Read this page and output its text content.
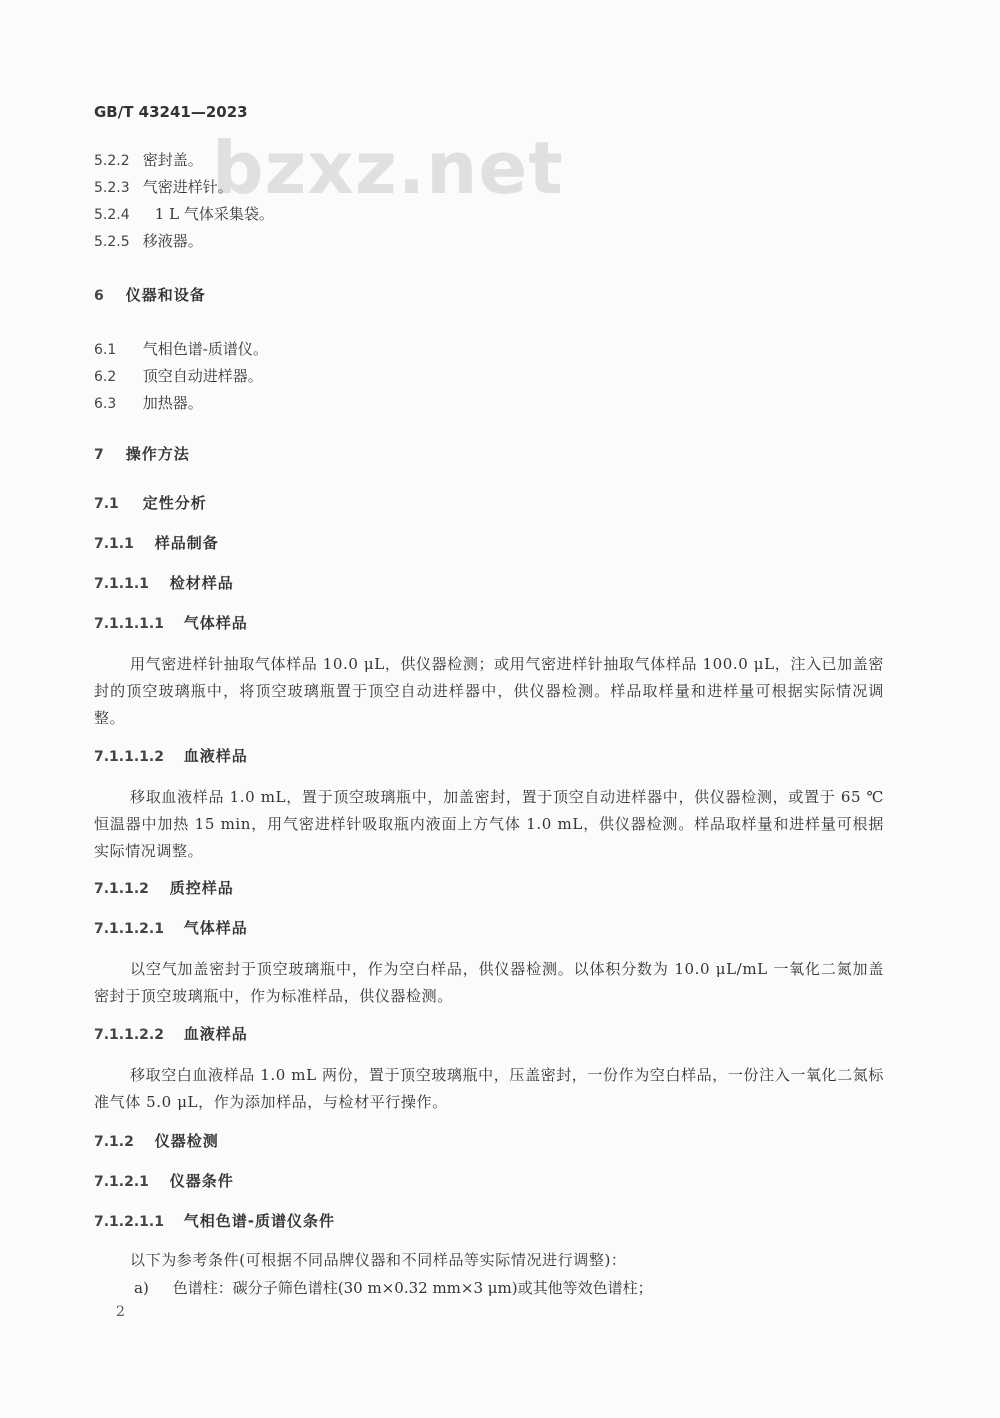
bzxz.net
GB/T 43241—2023
5.2.2 密封盖。
5.2.3 气密进样针。
5.2.4 1 L 气体采集袋。
5.2.5 移液器。
6 仪器和设备
6.1 气相色谱-质谱仪。
6.2 顶空自动进样器。
6.3 加热器。
7 操作方法
7.1 定性分析
7.1.1 样品制备
7.1.1.1 检材样品
7.1.1.1.1 气体样品
用气密进样针抽取气体样品 10.0 μL，供仪器检测；或用气密进样针抽取气体样品 100.0 μL，注入已加盖密封的顶空玻璃瓶中，将顶空玻璃瓶置于顶空自动进样器中，供仪器检测。样品取样量和进样量可根据实际情况调整。
7.1.1.1.2 血液样品
移取血液样品 1.0 mL，置于顶空玻璃瓶中，加盖密封，置于顶空自动进样器中，供仪器检测，或置于 65 ℃恒温器中加热 15 min，用气密进样针吸取瓶内液面上方气体 1.0 mL，供仪器检测。样品取样量和进样量可根据实际情况调整。
7.1.1.2 质控样品
7.1.1.2.1 气体样品
以空气加盖密封于顶空玻璃瓶中，作为空白样品，供仪器检测。以体积分数为 10.0 μL/mL 一氧化二氮加盖密封于顶空玻璃瓶中，作为标准样品，供仪器检测。
7.1.1.2.2 血液样品
移取空白血液样品 1.0 mL 两份，置于顶空玻璃瓶中，压盖密封，一份作为空白样品，一份注入一氧化二氮标准气体 5.0 μL，作为添加样品，与检材平行操作。
7.1.2 仪器检测
7.1.2.1 仪器条件
7.1.2.1.1 气相色谱-质谱仪条件
以下为参考条件(可根据不同品牌仪器和不同样品等实际情况进行调整)：
a) 色谱柱：碳分子筛色谱柱(30 m×0.32 mm×3 μm)或其他等效色谱柱；
2
